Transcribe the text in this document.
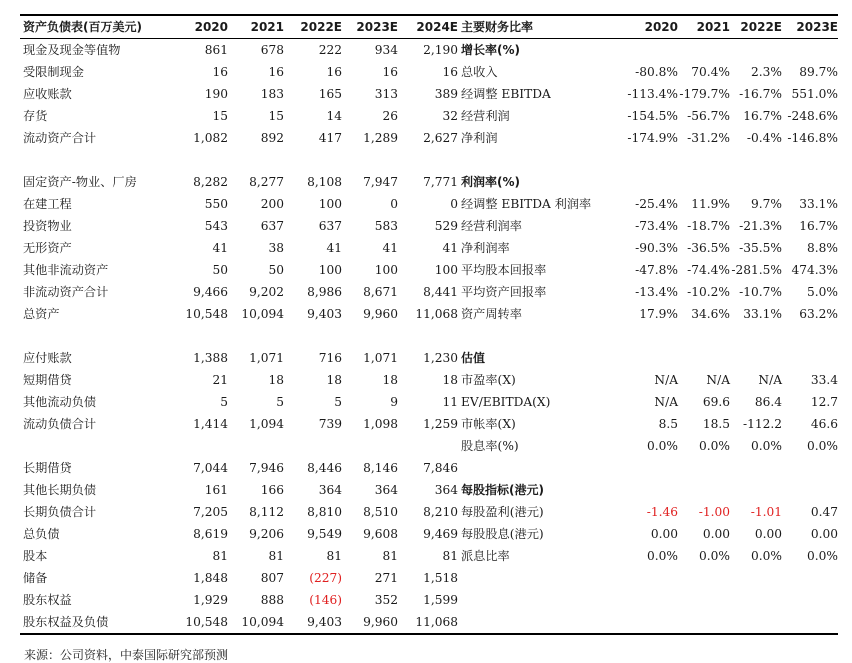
资产负债表(百万美元)	2020	2021	2022E	2023E	2024E
现金及现金等值物	861	678	222	934	2,190
受限制现金	16	16	16	16	16
应收账款	190	183	165	313	389
存货	15	15	14	26	32
流动资产合计	1,082	892	417	1,289	2,627

固定资产-物业、厂房	8,282	8,277	8,108	7,947	7,771
在建工程	550	200	100	0	0
投资物业	543	637	637	583	529
无形资产	41	38	41	41	41
其他非流动资产	50	50	100	100	100
非流动资产合计	9,466	9,202	8,986	8,671	8,441
总资产	10,548	10,094	9,403	9,960	11,068

应付账款	1,388	1,071	716	1,071	1,230
短期借贷	21	18	18	18	18
其他流动负债	5	5	5	9	11
流动负债合计	1,414	1,094	739	1,098	1,259

长期借贷	7,044	7,946	8,446	8,146	7,846
其他长期负债	161	166	364	364	364
长期负债合计	7,205	8,112	8,810	8,510	8,210
总负债	8,619	9,206	9,549	9,608	9,469
股本	81	81	81	81	81
储备	1,848	807	(227)	271	1,518
股东权益	1,929	888	(146)	352	1,599
股东权益及负债	10,548	10,094	9,403	9,960	11,068
主要财务比率	2020	2021	2022E	2023E
增长率(%)				
总收入	-80.8%	70.4%	2.3%	89.7%
经调整 EBITDA	-113.4%	-179.7%	-16.7%	551.0%
经营利润	-154.5%	-56.7%	16.7%	-248.6%
净利润	-174.9%	-31.2%	-0.4%	-146.8%

利润率(%)				
经调整 EBITDA 利润率	-25.4%	11.9%	9.7%	33.1%
经营利润率	-73.4%	-18.7%	-21.3%	16.7%
净利润率	-90.3%	-36.5%	-35.5%	8.8%
平均股本回报率	-47.8%	-74.4%	-281.5%	474.3%
平均资产回报率	-13.4%	-10.2%	-10.7%	5.0%
资产周转率	17.9%	34.6%	33.1%	63.2%

估值				
市盈率(X)	N/A	N/A	N/A	33.4
EV/EBITDA(X)	N/A	69.6	86.4	12.7
市帐率(X)	8.5	18.5	-112.2	46.6
股息率(%)	0.0%	0.0%	0.0%	0.0%

每股指标(港元)				
每股盈利(港元)	-1.46	-1.00	-1.01	0.47
每股股息(港元)	0.00	0.00	0.00	0.00
派息比率	0.0%	0.0%	0.0%	0.0%

来源：公司资料，中泰国际研究部预测
